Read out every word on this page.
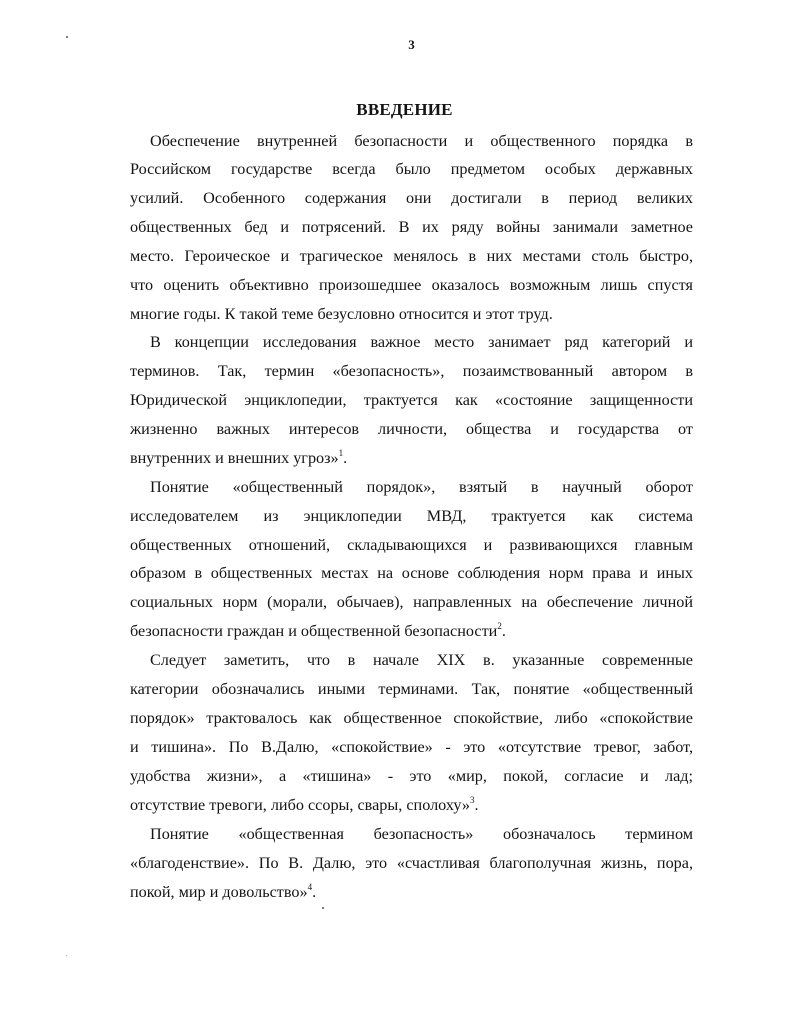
3
ВВЕДЕНИЕ
Обеспечение внутренней безопасности и общественного порядка в
Российском государстве всегда было предметом особых державных
усилий. Особенного содержания они достигали в период великих
общественных бед и потрясений. В их ряду войны занимали заметное
место. Героическое и трагическое менялось в них местами столь быстро,
что оценить объективно произошедшее оказалось возможным лишь спустя
многие годы. К такой теме безусловно относится и этот труд.
В концепции исследования важное место занимает ряд категорий и
терминов. Так, термин «безопасность», позаимствованный автором в
Юридической энциклопедии, трактуется как «состояние защищенности
жизненно важных интересов личности, общества и государства от
внутренних и внешних угроз»$^1$.
Понятие «общественный порядок», взятый в научный оборот
исследователем из энциклопедии МВД, трактуется как система
общественных отношений, складывающихся и развивающихся главным
образом в общественных местах на основе соблюдения норм права и иных
социальных норм (морали, обычаев), направленных на обеспечение личной
безопасности граждан и общественной безопасности$^2$.
Следует заметить, что в начале XIX в. указанные современные
категории обозначались иными терминами. Так, понятие «общественный
порядок» трактовалось как общественное спокойствие, либо «спокойствие
и тишина». По В.Далю, «спокойствие» - это «отсутствие тревог, забот,
удобства жизни», а «тишина» - это «мир, покой, согласие и лад;
отсутствие тревоги, либо ссоры, свары, сполоху»$^3$.
Понятие «общественная безопасность» обозначалось термином
«благоденствие». По В. Далю, это «счастливая благополучная жизнь, пора,
покой, мир и довольство»$^4$.
